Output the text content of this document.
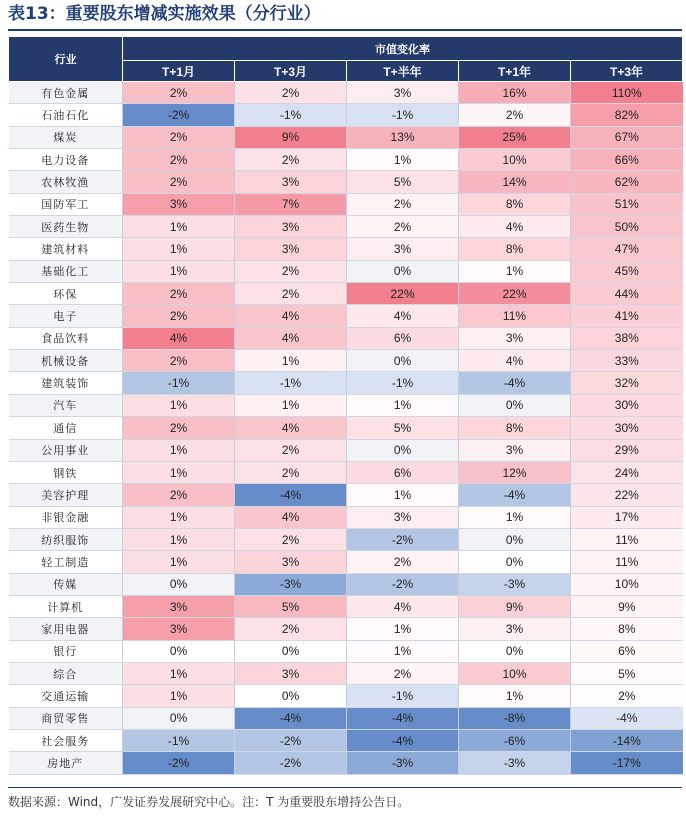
表13：重要股东增减实施效果（分行业）
行业	市值变化率				
	T+1月	T+3月	T+半年	T+1年	T+3年
有色金属	2%	2%	3%	16%	110%
石油石化	-2%	-1%	-1%	2%	82%
煤炭	2%	9%	13%	25%	67%
电力设备	2%	2%	1%	10%	66%
农林牧渔	2%	3%	5%	14%	62%
国防军工	3%	7%	2%	8%	51%
医药生物	1%	3%	2%	4%	50%
建筑材料	1%	3%	3%	8%	47%
基础化工	1%	2%	0%	1%	45%
环保	2%	2%	22%	22%	44%
电子	2%	4%	4%	11%	41%
食品饮料	4%	4%	6%	3%	38%
机械设备	2%	1%	0%	4%	33%
建筑装饰	-1%	-1%	-1%	-4%	32%
汽车	1%	1%	1%	0%	30%
通信	2%	4%	5%	8%	30%
公用事业	1%	2%	0%	3%	29%
钢铁	1%	2%	6%	12%	24%
美容护理	2%	-4%	1%	-4%	22%
非银金融	1%	4%	3%	1%	17%
纺织服饰	1%	2%	-2%	0%	11%
轻工制造	1%	3%	2%	0%	11%
传媒	0%	-3%	-2%	-3%	10%
计算机	3%	5%	4%	9%	9%
家用电器	3%	2%	1%	3%	8%
银行	0%	0%	1%	0%	6%
综合	1%	3%	2%	10%	5%
交通运输	1%	0%	-1%	1%	2%
商贸零售	0%	-4%	-4%	-8%	-4%
社会服务	-1%	-2%	-4%	-6%	-14%
房地产	-2%	-2%	-3%	-3%	-17%
数据来源：Wind，广发证券发展研究中心。注：T 为重要股东增持公告日。
